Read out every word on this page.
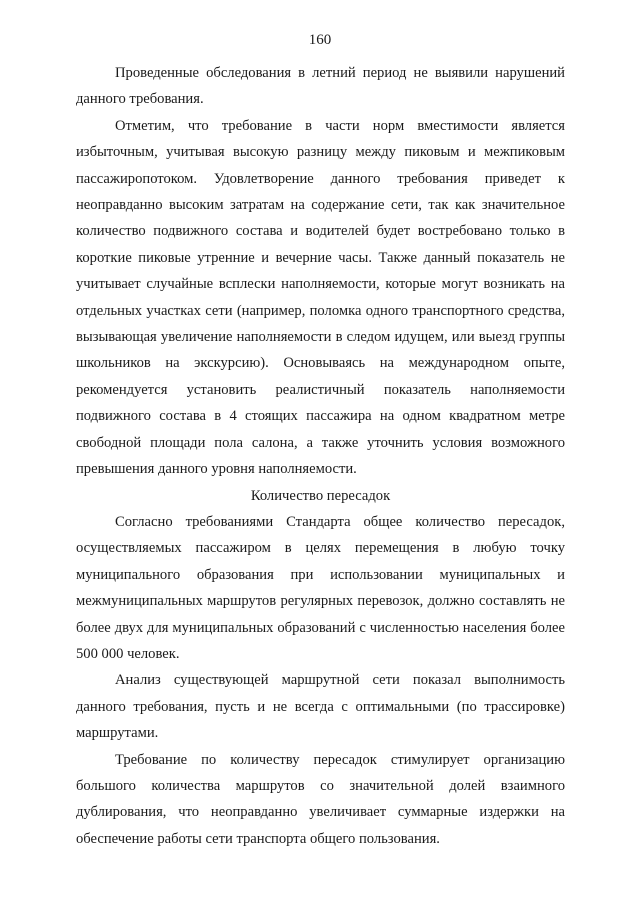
160

Проведенные обследования в летний период не выявили нарушений данного требования.

Отметим, что требование в части норм вместимости является избыточным, учитывая высокую разницу между пиковым и межпиковым пассажиропотоком. Удовлетворение данного требования приведет к неоправданно высоким затратам на содержание сети, так как значительное количество подвижного состава и водителей будет востребовано только в короткие пиковые утренние и вечерние часы. Также данный показатель не учитывает случайные всплески наполняемости, которые могут возникать на отдельных участках сети (например, поломка одного транспортного средства, вызывающая увеличение наполняемости в следом идущем, или выезд группы школьников на экскурсию). Основываясь на международном опыте, рекомендуется установить реалистичный показатель наполняемости подвижного состава в 4 стоящих пассажира на одном квадратном метре свободной площади пола салона, а также уточнить условия возможного превышения данного уровня наполняемости.

Количество пересадок

Согласно требованиями Стандарта общее количество пересадок, осуществляемых пассажиром в целях перемещения в любую точку муниципального образования при использовании муниципальных и межмуниципальных маршрутов регулярных перевозок, должно составлять не более двух для муниципальных образований с численностью населения более 500 000 человек.

Анализ существующей маршрутной сети показал выполнимость данного требования, пусть и не всегда с оптимальными (по трассировке) маршрутами.

Требование по количеству пересадок стимулирует организацию большого количества маршрутов со значительной долей взаимного дублирования, что неоправданно увеличивает суммарные издержки на обеспечение работы сети транспорта общего пользования.
